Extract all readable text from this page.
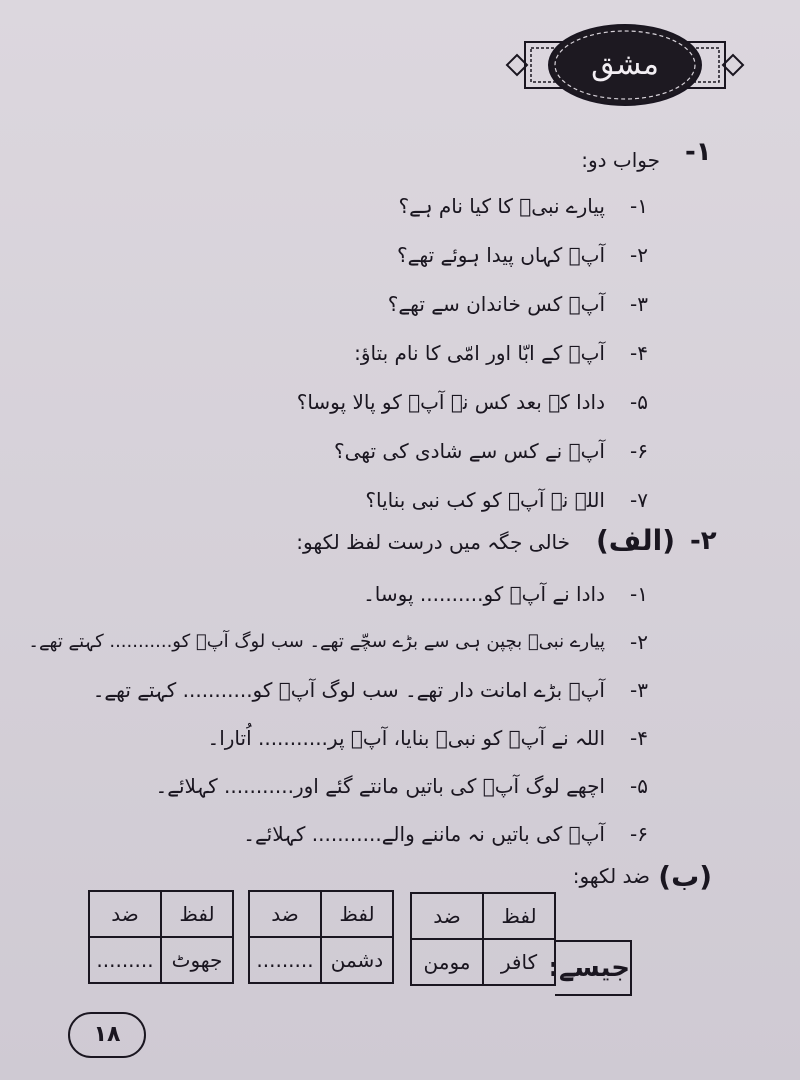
مشق
۱-
جواب دو:
۱-
پیارے نبیؐ کا کیا نام ہے؟
۲-
آپؐ کہاں پیدا ہوئے تھے؟
۳-
آپؐ کس خاندان سے تھے؟
۴-
آپؐ کے ابّا اور امّی کا نام بتاؤ:
۵-
دادا کے بعد کس نے آپؐ کو پالا پوسا؟
۶-
آپؐ نے کس سے شادی کی تھی؟
۷-
اللہ نے آپؐ کو کب نبی بنایا؟
۲-
(الف)
خالی جگہ میں درست لفظ لکھو:
۱-
دادا نے آپؐ کو.......... پوسا۔
۲-
پیارے نبیؐ بچپن ہی سے بڑے سچّے تھے۔ سب لوگ آپؐ کو........... کہتے تھے۔
۳-
آپؐ بڑے امانت دار تھے۔ سب لوگ آپؐ کو........... کہتے تھے۔
۴-
اللہ نے آپؐ کو نبیؐ بنایا، آپؐ پر........... اُتارا۔
۵-
اچھے لوگ آپؐ کی باتیں مانتے گئے اور........... کہلائے۔
۶-
آپؐ کی باتیں نہ ماننے والے........... کہلائے۔
(ب)
ضد لکھو:
لفظ	ضد
کافر	مومن	جیسے:
لفظ	ضد
دشمن	.........
لفظ	ضد
جھوٹ	.........
۱۸
